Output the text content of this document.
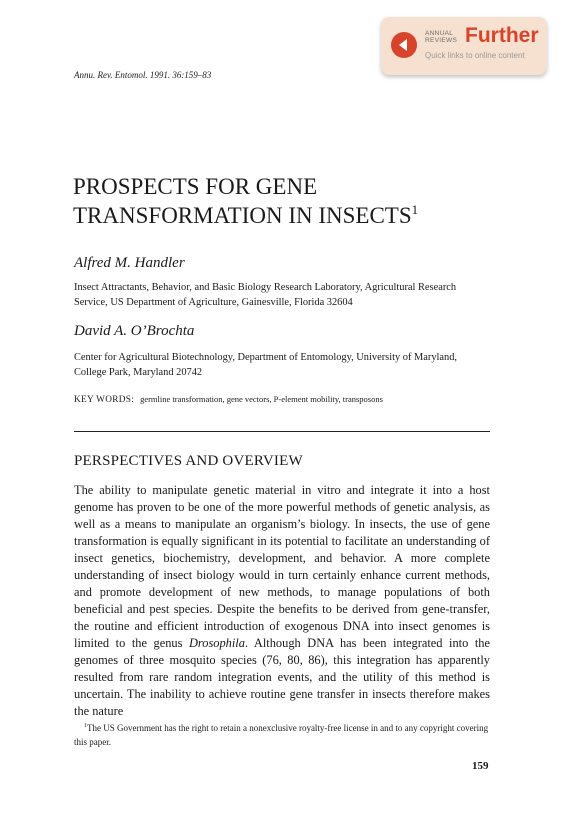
ANNUAL
REVIEWS Further
Quick links to online content
Annu. Rev. Entomol. 1991. 36:159–83
PROSPECTS FOR GENE
TRANSFORMATION IN INSECTS$^1$

Alfred M. Handler

Insect Attractants, Behavior, and Basic Biology Research Laboratory, Agricultural Research Service, US Department of Agriculture, Gainesville, Florida 32604

David A. O’Brochta

Center for Agricultural Biotechnology, Department of Entomology, University of Maryland, College Park, Maryland 20742

KEY WORDS: germline transformation, gene vectors, P-element mobility, transposons
PERSPECTIVES AND OVERVIEW

The ability to manipulate genetic material in vitro and integrate it into a host genome has proven to be one of the more powerful methods of genetic analysis, as well as a means to manipulate an organism’s biology. In insects, the use of gene transformation is equally significant in its potential to facilitate an understanding of insect genetics, biochemistry, development, and behavior. A more complete understanding of insect biology would in turn certainly enhance current methods, and promote development of new methods, to manage populations of both beneficial and pest species. Despite the benefits to be derived from gene-transfer, the routine and efficient introduction of exogenous DNA into insect genomes is limited to the genus Drosophila. Although DNA has been integrated into the genomes of three mosquito species (76, 80, 86), this integration has apparently resulted from rare random integration events, and the utility of this method is uncertain. The inability to achieve routine gene transfer in insects therefore makes the nature

$^1$The US Government has the right to retain a nonexclusive royalty-free license in and to any copyright covering this paper.

159
